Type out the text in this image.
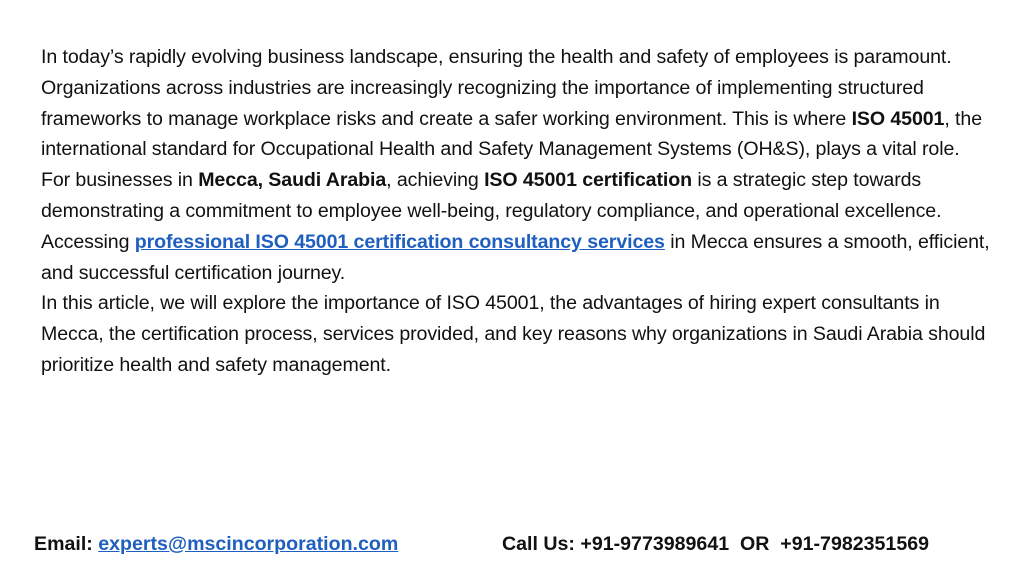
In today’s rapidly evolving business landscape, ensuring the health and safety of employees is paramount. Organizations across industries are increasingly recognizing the importance of implementing structured frameworks to manage workplace risks and create a safer working environment. This is where ISO 45001, the international standard for Occupational Health and Safety Management Systems (OH&S), plays a vital role.

For businesses in Mecca, Saudi Arabia, achieving ISO 45001 certification is a strategic step towards demonstrating a commitment to employee well-being, regulatory compliance, and operational excellence. Accessing professional ISO 45001 certification consultancy services in Mecca ensures a smooth, efficient, and successful certification journey.

In this article, we will explore the importance of ISO 45001, the advantages of hiring expert consultants in Mecca, the certification process, services provided, and key reasons why organizations in Saudi Arabia should prioritize health and safety management.

Email: experts@mscincorporation.com	Call Us: +91-9773989641  OR  +91-7982351569
